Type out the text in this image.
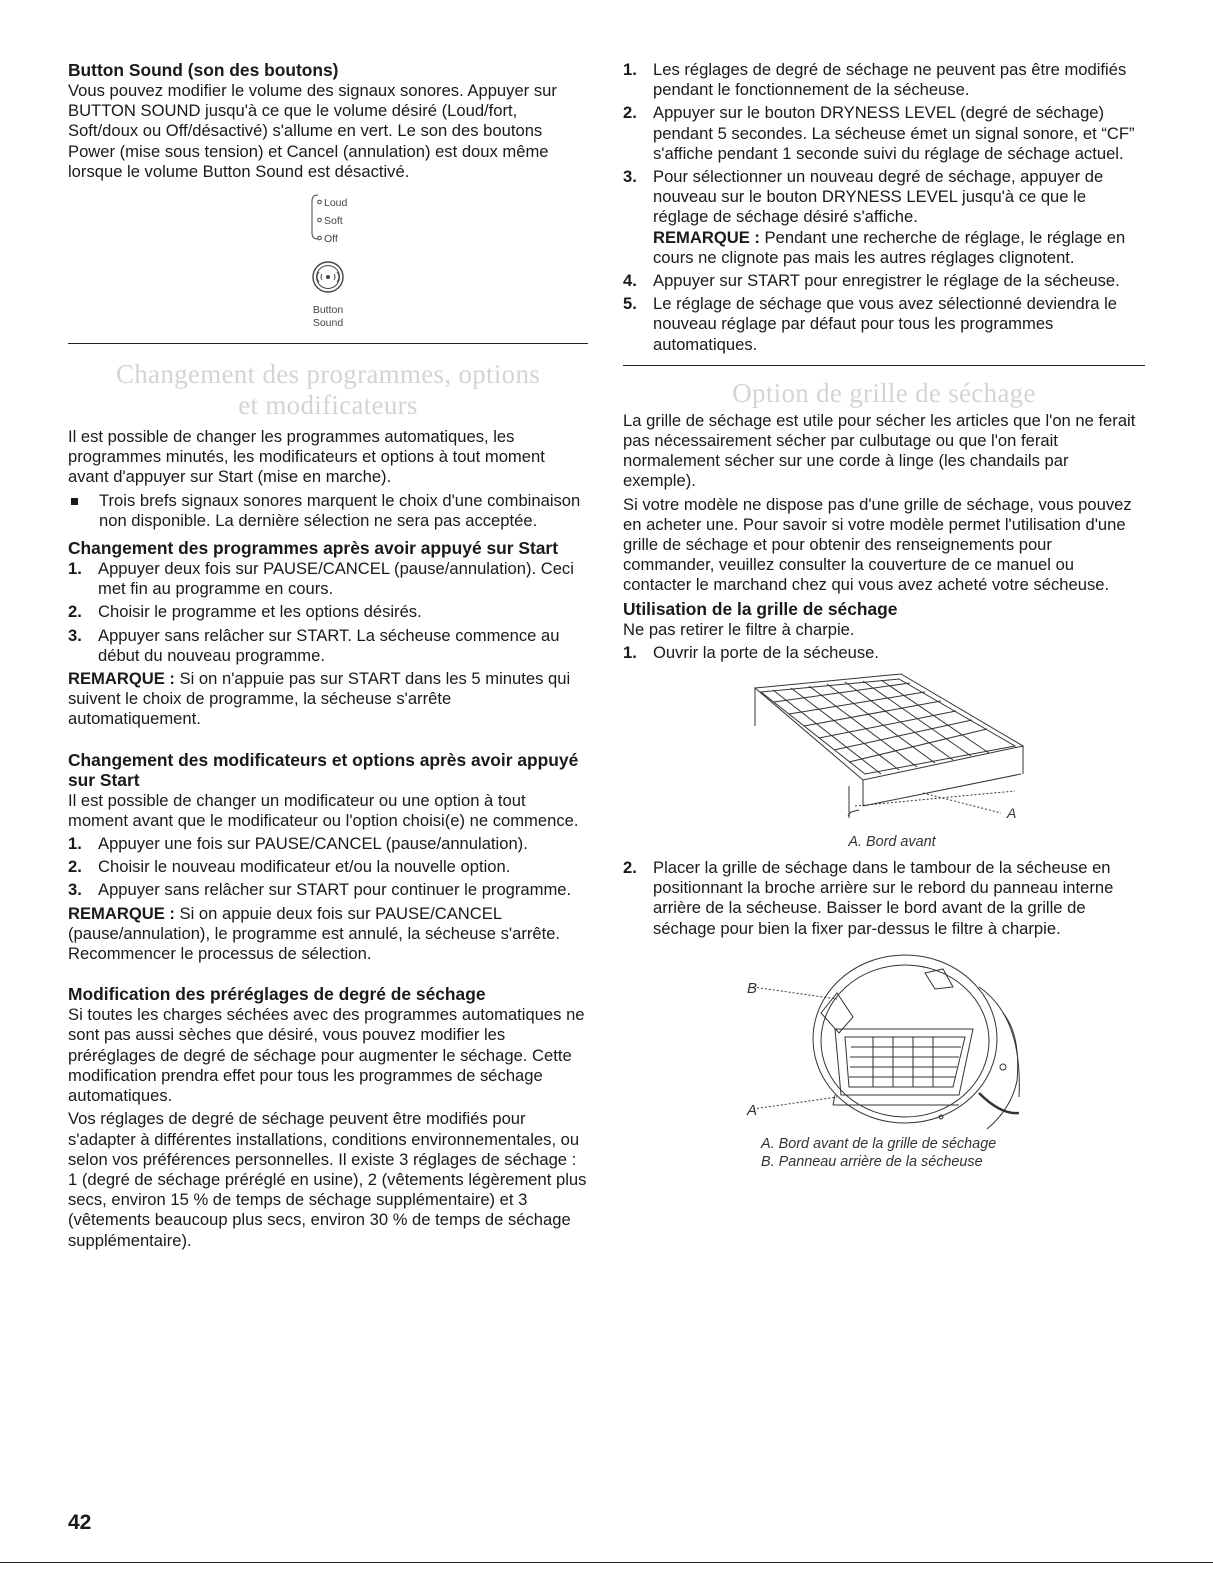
Button Sound (son des boutons)

Vous pouvez modifier le volume des signaux sonores. Appuyer sur BUTTON SOUND jusqu'à ce que le volume désiré (Loud/fort, Soft/doux ou Off/désactivé) s'allume en vert. Le son des boutons Power (mise sous tension) et Cancel (annulation) est doux même lorsque le volume Button Sound est désactivé.

Loud
Soft
Off
Button
Sound
Changement des programmes, options et modificateurs

Il est possible de changer les programmes automatiques, les programmes minutés, les modificateurs et options à tout moment avant d'appuyer sur Start (mise en marche).

Trois brefs signaux sonores marquent le choix d'une combinaison non disponible. La dernière sélection ne sera pas acceptée.
Changement des programmes après avoir appuyé sur Start
1. Appuyer deux fois sur PAUSE/CANCEL (pause/annulation). Ceci met fin au programme en cours.
2. Choisir le programme et les options désirés.
3. Appuyer sans relâcher sur START. La sécheuse commence au début du nouveau programme.

REMARQUE : Si on n'appuie pas sur START dans les 5 minutes qui suivent le choix de programme, la sécheuse s'arrête automatiquement.

Changement des modificateurs et options après avoir appuyé sur Start

Il est possible de changer un modificateur ou une option à tout moment avant que le modificateur ou l'option choisi(e) ne commence.

1. Appuyer une fois sur PAUSE/CANCEL (pause/annulation).
2. Choisir le nouveau modificateur et/ou la nouvelle option.
3. Appuyer sans relâcher sur START pour continuer le programme.

REMARQUE : Si on appuie deux fois sur PAUSE/CANCEL (pause/annulation), le programme est annulé, la sécheuse s'arrête. Recommencer le processus de sélection.

Modification des préréglages de degré de séchage

Si toutes les charges séchées avec des programmes automatiques ne sont pas aussi sèches que désiré, vous pouvez modifier les préréglages de degré de séchage pour augmenter le séchage. Cette modification prendra effet pour tous les programmes de séchage automatiques.

Vos réglages de degré de séchage peuvent être modifiés pour s'adapter à différentes installations, conditions environnementales, ou selon vos préférences personnelles. Il existe 3 réglages de séchage : 1 (degré de séchage préréglé en usine), 2 (vêtements légèrement plus secs, environ 15 % de temps de séchage supplémentaire) et 3 (vêtements beaucoup plus secs, environ 30 % de temps de séchage supplémentaire).

1. Les réglages de degré de séchage ne peuvent pas être modifiés pendant le fonctionnement de la sécheuse.
2. Appuyer sur le bouton DRYNESS LEVEL (degré de séchage) pendant 5 secondes. La sécheuse émet un signal sonore, et “CF” s'affiche pendant 1 seconde suivi du réglage de séchage actuel.
3. Pour sélectionner un nouveau degré de séchage, appuyer de nouveau sur le bouton DRYNESS LEVEL jusqu'à ce que le réglage de séchage désiré s'affiche.
REMARQUE : Pendant une recherche de réglage, le réglage en cours ne clignote pas mais les autres réglages clignotent.
4. Appuyer sur START pour enregistrer le réglage de la sécheuse.
5. Le réglage de séchage que vous avez sélectionné deviendra le nouveau réglage par défaut pour tous les programmes automatiques.
Option de grille de séchage

La grille de séchage est utile pour sécher les articles que l'on ne ferait pas nécessairement sécher par culbutage ou que l'on ferait normalement sécher sur une corde à linge (les chandails par exemple).

Si votre modèle ne dispose pas d'une grille de séchage, vous pouvez en acheter une. Pour savoir si votre modèle permet l'utilisation d'une grille de séchage et pour obtenir des renseignements pour commander, veuillez consulter la couverture de ce manuel ou contacter le marchand chez qui vous avez acheté votre sécheuse.

Utilisation de la grille de séchage

Ne pas retirer le filtre à charpie.

1. Ouvrir la porte de la sécheuse.
A
A. Bord avant
2. Placer la grille de séchage dans le tambour de la sécheuse en positionnant la broche arrière sur le rebord du panneau interne arrière de la sécheuse. Baisser le bord avant de la grille de séchage pour bien la fixer par-dessus le filtre à charpie.
B
A
A. Bord avant de la grille de séchage
B. Panneau arrière de la sécheuse
42
